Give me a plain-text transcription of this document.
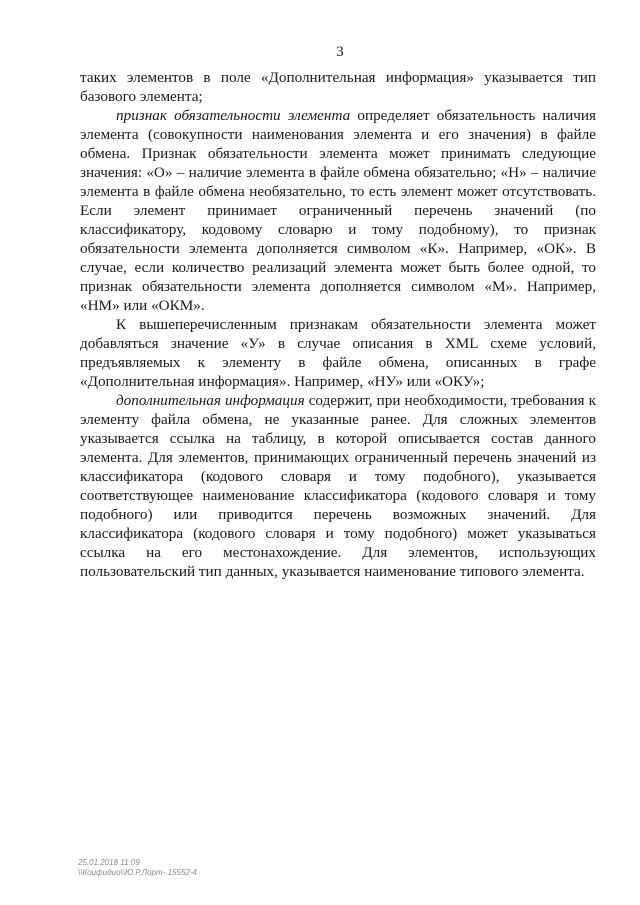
3

таких элементов в поле «Дополнительная информация» указывается тип базового элемента;

признак обязательности элемента определяет обязательность наличия элемента (совокупности наименования элемента и его значения) в файле обмена. Признак обязательности элемента может принимать следующие значения: «О» – наличие элемента в файле обмена обязательно; «Н» – наличие элемента в файле обмена необязательно, то есть элемент может отсутствовать. Если элемент принимает ограниченный перечень значений (по классификатору, кодовому словарю и тому подобному), то признак обязательности элемента дополняется символом «К». Например, «ОК». В случае, если количество реализаций элемента может быть более одной, то признак обязательности элемента дополняется символом «М». Например, «НМ» или «ОКМ».

К вышеперечисленным признакам обязательности элемента может добавляться значение «У» в случае описания в XML схеме условий, предъявляемых к элементу в файле обмена, описанных в графе «Дополнительная информация». Например, «НУ» или «ОКУ»;

дополнительная информация содержит, при необходимости, требования к элементу файла обмена, не указанные ранее. Для сложных элементов указывается ссылка на таблицу, в которой описывается состав данного элемента. Для элементов, принимающих ограниченный перечень значений из классификатора (кодового словаря и тому подобного), указывается соответствующее наименование классификатора (кодового словаря и тому подобного) или приводится перечень возможных значений. Для классификатора (кодового словаря и тому подобного) может указываться ссылка на его местонахождение. Для элементов, использующих пользовательский тип данных, указывается наименование типового элемента.

25.01.2018 11:09
\\Коифидио\\Ю.Р.Лорт-.15552-4
